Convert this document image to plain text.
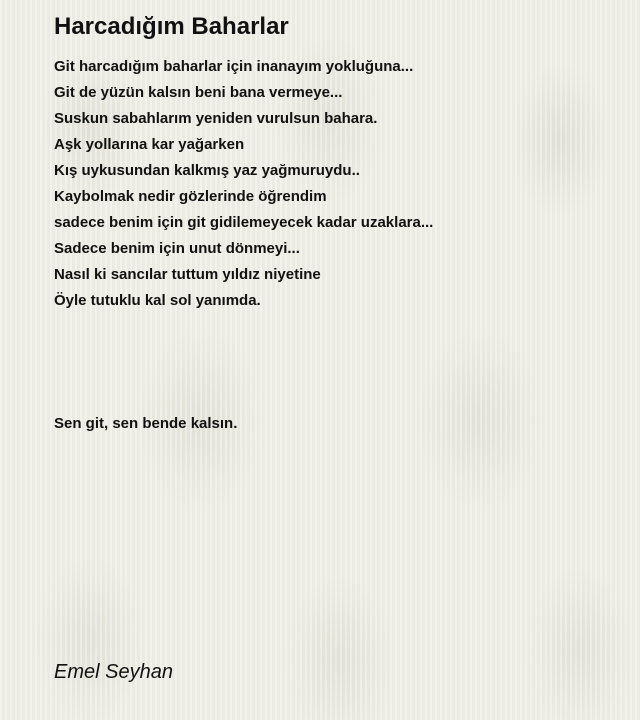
Harcadığım Baharlar
Git harcadığım baharlar için inanayım yokluğuna...
Git de yüzün kalsın beni bana vermeye...
Suskun sabahlarım yeniden vurulsun bahara.
Aşk yollarına kar yağarken
Kış uykusundan kalkmış yaz yağmuruydu..
Kaybolmak nedir gözlerinde öğrendim
sadece benim için git gidilemeyecek kadar uzaklara...
Sadece benim için unut dönmeyi...
Nasıl ki sancılar tuttum yıldız niyetine
Öyle tutuklu kal sol yanımda.
Sen git, sen bende kalsın.
Emel Seyhan
